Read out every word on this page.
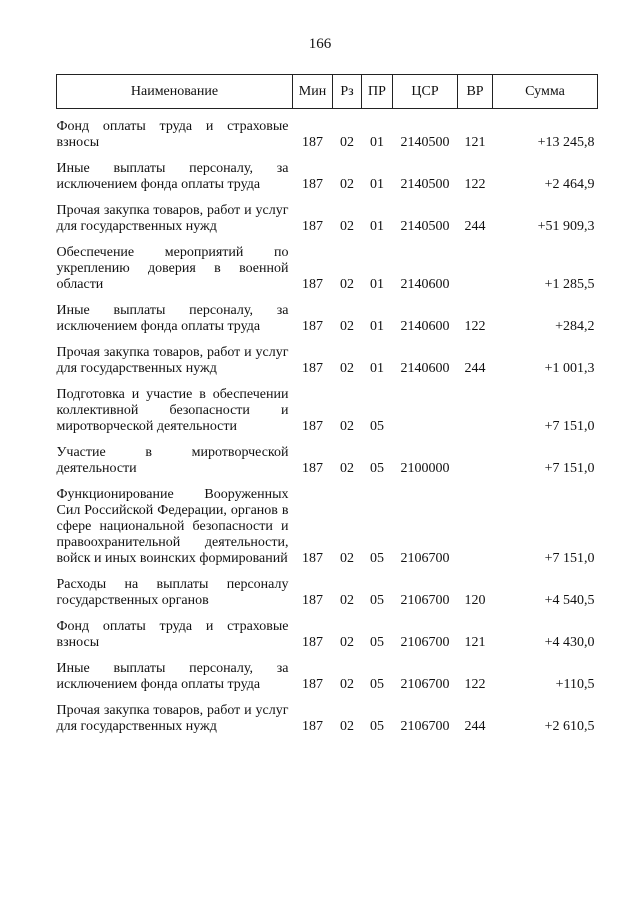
166
Наименование	Мин	Рз	ПР	ЦСР	ВР	Сумма

Фонд оплаты труда и страховые взносы	187	02	01	2140500	121	+13 245,8

Иные выплаты персоналу, за исключением фонда оплаты труда	187	02	01	2140500	122	+2 464,9

Прочая закупка товаров, работ и услуг для государственных нужд	187	02	01	2140500	244	+51 909,3

Обеспечение мероприятий по укреплению доверия в военной области	187	02	01	2140600		+1 285,5

Иные выплаты персоналу, за исключением фонда оплаты труда	187	02	01	2140600	122	+284,2

Прочая закупка товаров, работ и услуг для государственных нужд	187	02	01	2140600	244	+1 001,3

Подготовка и участие в обеспечении коллективной безопасности и миротворческой деятельности	187	02	05			+7 151,0

Участие в миротворческой деятельности	187	02	05	2100000		+7 151,0

Функционирование Вооруженных Сил Российской Федерации, органов в сфере национальной безопасности и правоохранительной деятельности, войск и иных воинских формирований	187	02	05	2106700		+7 151,0

Расходы на выплаты персоналу государственных органов	187	02	05	2106700	120	+4 540,5

Фонд оплаты труда и страховые взносы	187	02	05	2106700	121	+4 430,0

Иные выплаты персоналу, за исключением фонда оплаты труда	187	02	05	2106700	122	+110,5

Прочая закупка товаров, работ и услуг для государственных нужд	187	02	05	2106700	244	+2 610,5
